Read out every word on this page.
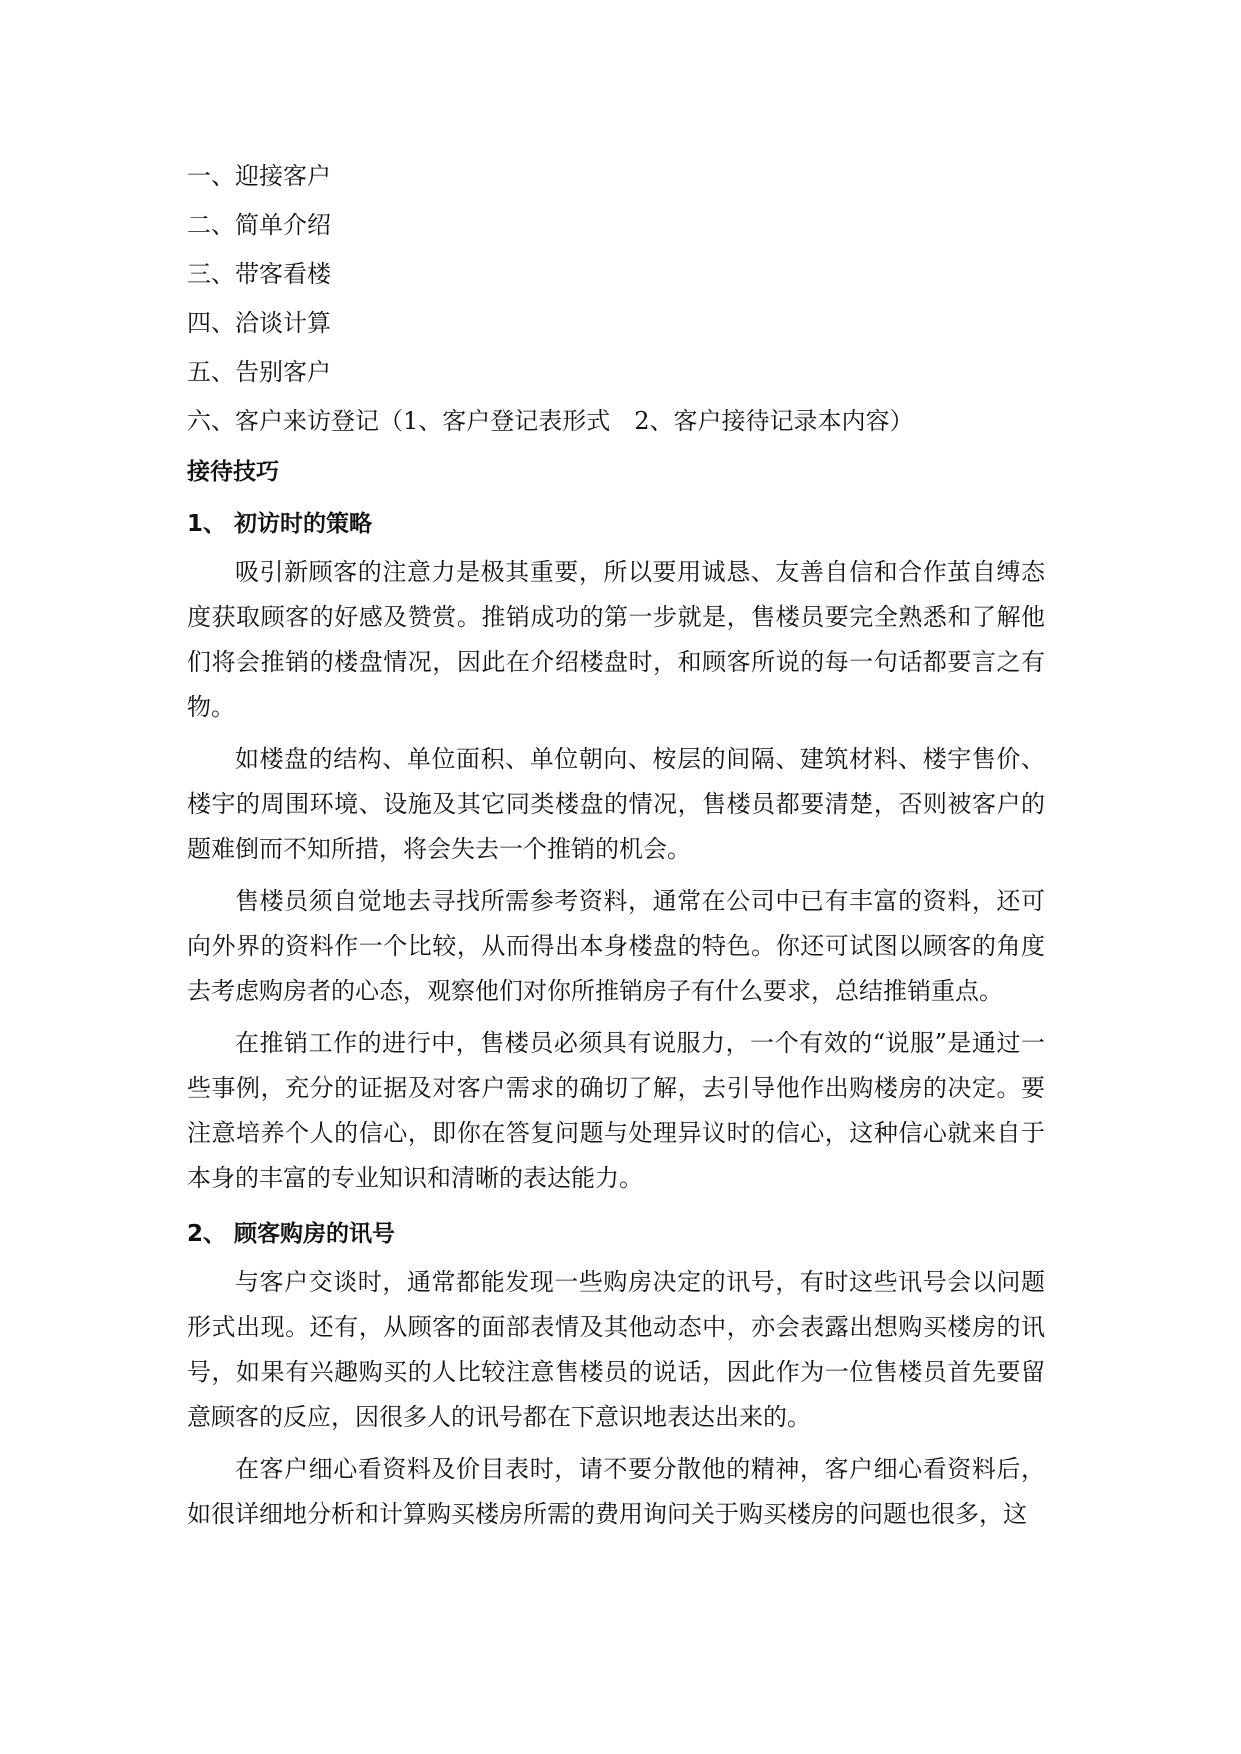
一、迎接客户
二、简单介绍
三、带客看楼
四、洽谈计算
五、告别客户
六、客户来访登记（1、客户登记表形式　2、客户接待记录本内容）
接待技巧
1、 初访时的策略

吸引新顾客的注意力是极其重要，所以要用诚恳、友善自信和合作茧自缚态度获取顾客的好感及赞赏。推销成功的第一步就是，售楼员要完全熟悉和了解他们将会推销的楼盘情况，因此在介绍楼盘时，和顾客所说的每一句话都要言之有物。

如楼盘的结构、单位面积、单位朝向、桉层的间隔、建筑材料、楼宇售价、楼宇的周围环境、设施及其它同类楼盘的情况，售楼员都要清楚，否则被客户的题难倒而不知所措，将会失去一个推销的机会。

售楼员须自觉地去寻找所需参考资料，通常在公司中已有丰富的资料，还可向外界的资料作一个比较，从而得出本身楼盘的特色。你还可试图以顾客的角度去考虑购房者的心态，观察他们对你所推销房子有什么要求，总结推销重点。

在推销工作的进行中，售楼员必须具有说服力，一个有效的“说服”是通过一些事例，充分的证据及对客户需求的确切了解，去引导他作出购楼房的决定。要注意培养个人的信心，即你在答复问题与处理异议时的信心，这种信心就来自于本身的丰富的专业知识和清晰的表达能力。

2、 顾客购房的讯号

与客户交谈时，通常都能发现一些购房决定的讯号，有时这些讯号会以问题形式出现。还有，从顾客的面部表情及其他动态中，亦会表露出想购买楼房的讯号，如果有兴趣购买的人比较注意售楼员的说话，因此作为一位售楼员首先要留意顾客的反应，因很多人的讯号都在下意识地表达出来的。

在客户细心看资料及价目表时，请不要分散他的精神，客户细心看资料后，如很详细地分析和计算购买楼房所需的费用询问关于购买楼房的问题也很多，这
